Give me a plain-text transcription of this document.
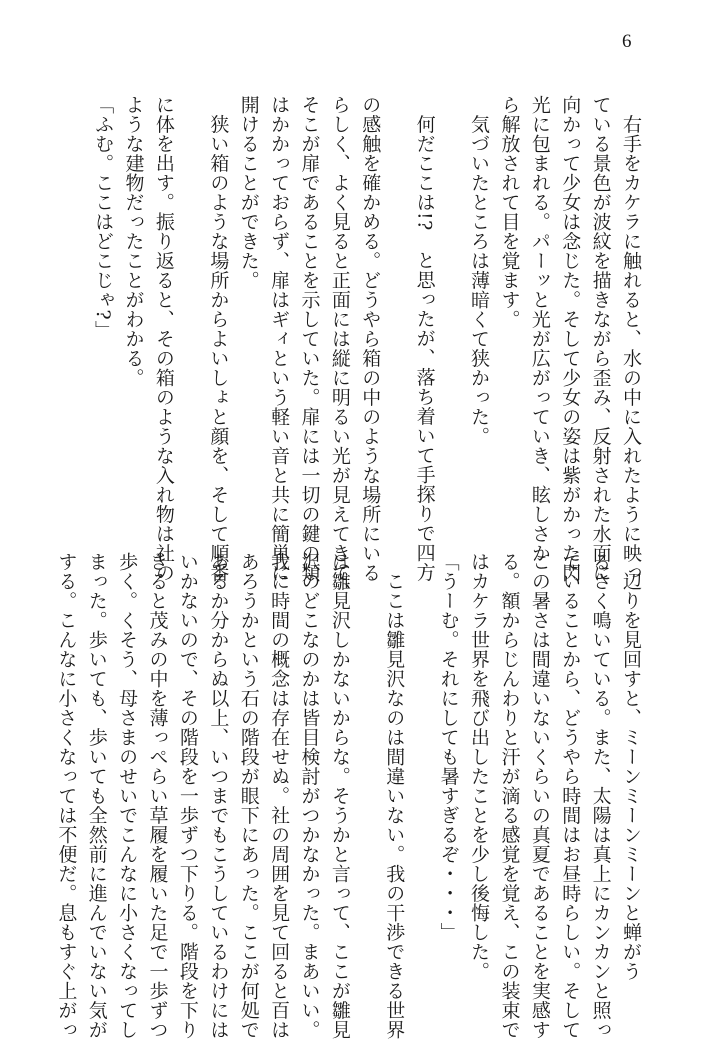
6
　右手をカケラに触れると、水の中に入れたように映っ
ている景色が波紋を描きながら歪み、反射された水面に
向かって少女は念じた。そして少女の姿は紫がかった閃
光に包まれる。パーッと光が広がっていき、眩しさか
ら解放されて目を覚ます。
　気づいたところは薄暗くて狭かった。
　何だここは!?　と思ったが、落ち着いて手探りで四方
の感触を確かめる。どうやら箱の中のような場所にいる
らしく、よく見ると正面には縦に明るい光が見えてきて、
そこが扉であることを示していた。扉には一切の鍵の類
はかかっておらず、扉はギィという軽い音と共に簡単に
開けることができた。
　狭い箱のような場所からよいしょと顔を、そして順番
に体を出す。振り返ると、その箱のような入れ物は社の
ような建物だったことがわかる。
「ふむ。ここはどこじゃ?」
　辺りを見回すと、ミーンミーンミーンと蝉がう
るさく鳴いている。また、太陽は真上にカンカンと照っ
ていることから、どうやら時間はお昼時らしい。そして
この暑さは間違いないくらいの真夏であることを実感す
る。額からじんわりと汗が滴る感覚を覚え、この装束で
はカケラ世界を飛び出したことを少し後悔した。
「うーむ。それにしても暑すぎるぞ・・・」
　ここは雛見沢なのは間違いない。我の干渉できる世界
は雛見沢しかないからな。そうかと言って、ここが雛見
沢のどこなのかは皆目検討がつかなかった。まあいい。
我に時間の概念は存在せぬ。社の周囲を見て回ると百は
あろうかという石の階段が眼下にあった。ここが何処で
あるか分からぬ以上、いつまでもこうしているわけには
いかないので、その階段を一歩ずつ下りる。階段を下り
きると茂みの中を薄っぺらい草履を履いた足で一歩ずつ
歩く。くそう、母さまのせいでこんなに小さくなってし
まった。歩いても、歩いても全然前に進んでいない気が
する。こんなに小さくなっては不便だ。息もすぐ上がっ
